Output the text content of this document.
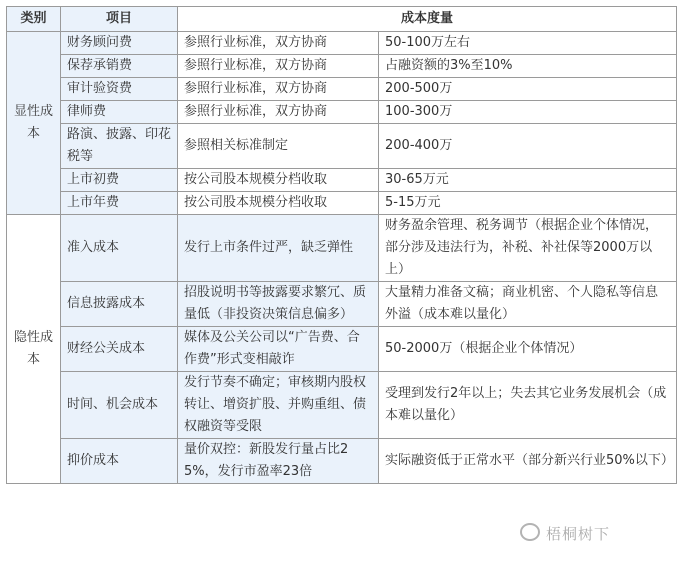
类别	项目	成本度量	
显性成本	财务顾问费	参照行业标准，双方协商	50-100万左右
	保荐承销费	参照行业标准，双方协商	占融资额的3%至10%
	审计验资费	参照行业标准，双方协商	200-500万
	律师费	参照行业标准，双方协商	100-300万
	路演、披露、印花税等	参照相关标准制定	200-400万
	上市初费	按公司股本规模分档收取	30-65万元
	上市年费	按公司股本规模分档收取	5-15万元
隐性成本	准入成本	发行上市条件过严，缺乏弹性	财务盈余管理、税务调节（根据企业个体情况，部分涉及违法行为，补税、补社保等2000万以上）
	信息披露成本	招股说明书等披露要求繁冗、质量低（非投资决策信息偏多）	大量精力准备文稿；商业机密、个人隐私等信息外溢（成本难以量化）
	财经公关成本	媒体及公关公司以“广告费、合作费”形式变相敲诈	50-2000万（根据企业个体情况）
	时间、机会成本	发行节奏不确定；审核期内股权转让、增资扩股、并购重组、债权融资等受限	受理到发行2年以上；失去其它业务发展机会（成本难以量化）
	抑价成本	量价双控：新股发行量占比25%，发行市盈率23倍	实际融资低于正常水平（部分新兴行业50%以下）
梧桐树下
